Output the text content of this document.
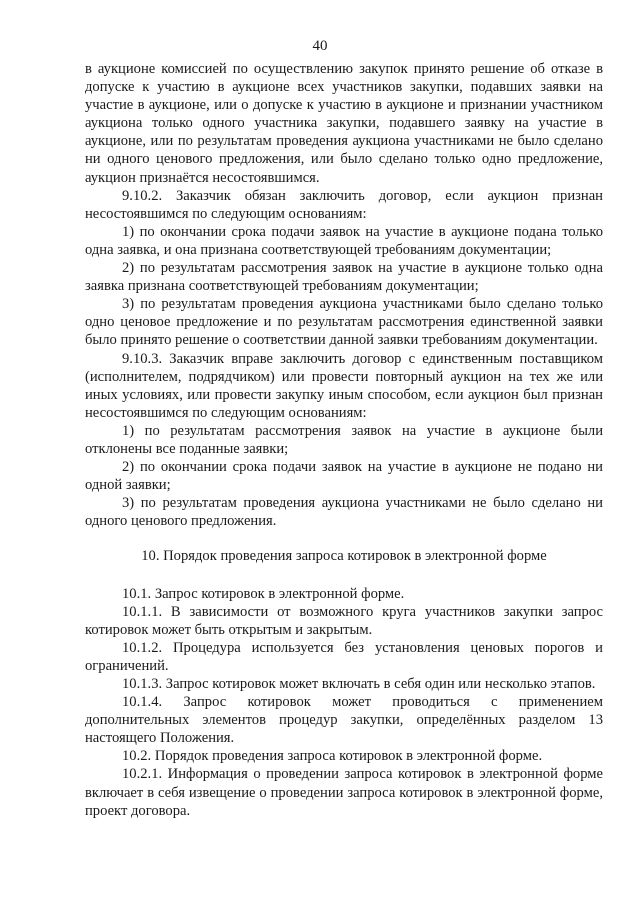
40

в аукционе комиссией по осуществлению закупок принято решение об отказе в допуске к участию в аукционе всех участников закупки, подавших заявки на участие в аукционе, или о допуске к участию в аукционе и признании участником аукциона только одного участника закупки, подавшего заявку на участие в аукционе, или по результатам проведения аукциона участниками не было сделано ни одного ценового предложения, или было сделано только одно предложение, аукцион признаётся несостоявшимся.

9.10.2. Заказчик обязан заключить договор, если аукцион признан несостоявшимся по следующим основаниям:

1) по окончании срока подачи заявок на участие в аукционе подана только одна заявка, и она признана соответствующей требованиям документации;

2) по результатам рассмотрения заявок на участие в аукционе только одна заявка признана соответствующей требованиям документации;

3) по результатам проведения аукциона участниками было сделано только одно ценовое предложение и по результатам рассмотрения единственной заявки было принято решение о соответствии данной заявки требованиям документации.

9.10.3. Заказчик вправе заключить договор с единственным поставщиком (исполнителем, подрядчиком) или провести повторный аукцион на тех же или иных условиях, или провести закупку иным способом, если аукцион был признан несостоявшимся по следующим основаниям:

1) по результатам рассмотрения заявок на участие в аукционе были отклонены все поданные заявки;

2) по окончании срока подачи заявок на участие в аукционе не подано ни одной заявки;

3) по результатам проведения аукциона участниками не было сделано ни одного ценового предложения.

10. Порядок проведения запроса котировок в электронной форме

10.1. Запрос котировок в электронной форме.

10.1.1. В зависимости от возможного круга участников закупки запрос котировок может быть открытым и закрытым.

10.1.2. Процедура используется без установления ценовых порогов и ограничений.

10.1.3. Запрос котировок может включать в себя один или несколько этапов.

10.1.4. Запрос котировок может проводиться с применением дополнительных элементов процедур закупки, определённых разделом 13 настоящего Положения.

10.2. Порядок проведения запроса котировок в электронной форме.

10.2.1. Информация о проведении запроса котировок в электронной форме включает в себя извещение о проведении запроса котировок в электронной форме, проект договора.
